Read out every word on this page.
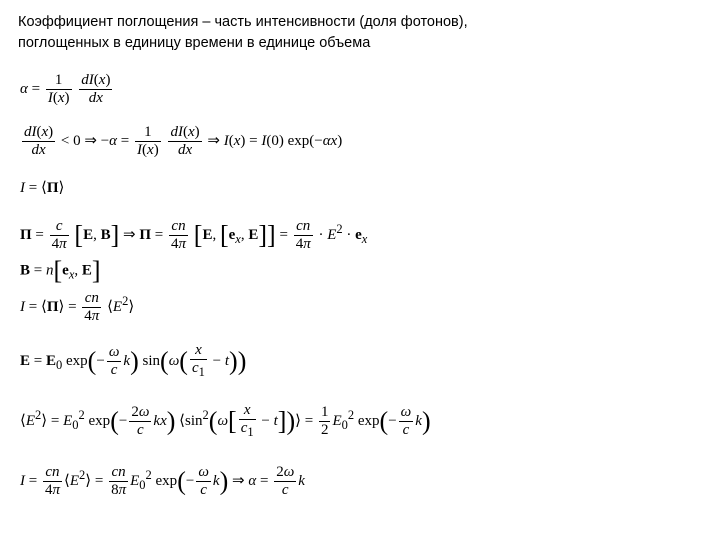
Коэффициент поглощения – часть интенсивности (доля фотонов),
поглощенных в единицу времени в единице объема
$\alpha = \frac{1}{I(x)}$
$\frac{dI(x)}{dx}$
$\frac{dI(x)}{dx} < 0$ ⇒ $-\alpha = \frac{1}{I(x)}$
$\frac{dI(x)}{dx}$ ⇒ I(x) = I(0) exp(−αx)
I = ⟨Π⟩
$\Pi = \frac{c}{4\pi} [E$, B] ⇒ $\Pi = \frac{cn}{4\pi} [E$, [$e_x$, $E]] = \frac{cn}{4\pi} \cdot E^2 \cdot e_x$
$B = n[e_x$, E]
I = ⟨Π⟩ = $\frac{cn}{4\pi}$ $⟨E^2⟩$
$E = E_0$ $\exp(- \frac{\omega}{c} k)$ $\sin(\omega( \frac{x}{c_1} - t))$
$⟨E^2⟩ = E_0^2$ $\exp(- \frac{2\omega}{c} kx)$ $⟨\sin^2(\omega[ \frac{x}{c_1}$ − t])⟩ = $\frac{1}{2} E_0^2$ $\exp(- \frac{\omega}{c} k)$
$I = \frac{cn}{4\pi}$ $⟨E^2⟩ = \frac{cn}{8\pi} E_0^2$ $\exp(- \frac{\omega}{c} k)$ ⇒ $\alpha = \frac{2\omega}{c}$ k
